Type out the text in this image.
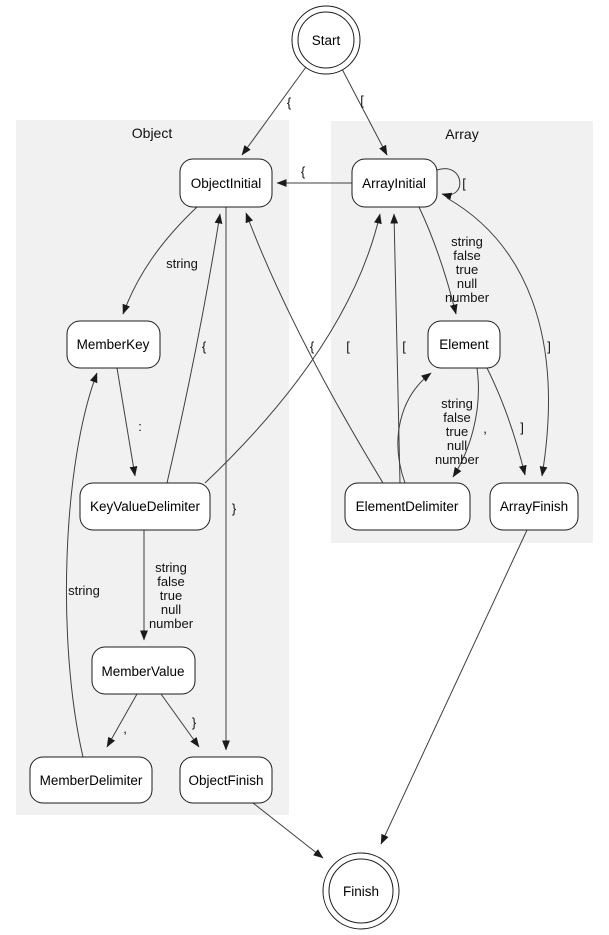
Object	Array
{	[
{
[
string
}
:
{	[
{	[
string
false
true
null
number
string
false
true
null
number
]
string
false
true
null
number
,	]
,	}
string
Start
ObjectInitial	ArrayInitial
MemberKey	Element
KeyValueDelimiter	ElementDelimiter	ArrayFinish
MemberValue
MemberDelimiter	ObjectFinish
Finish
